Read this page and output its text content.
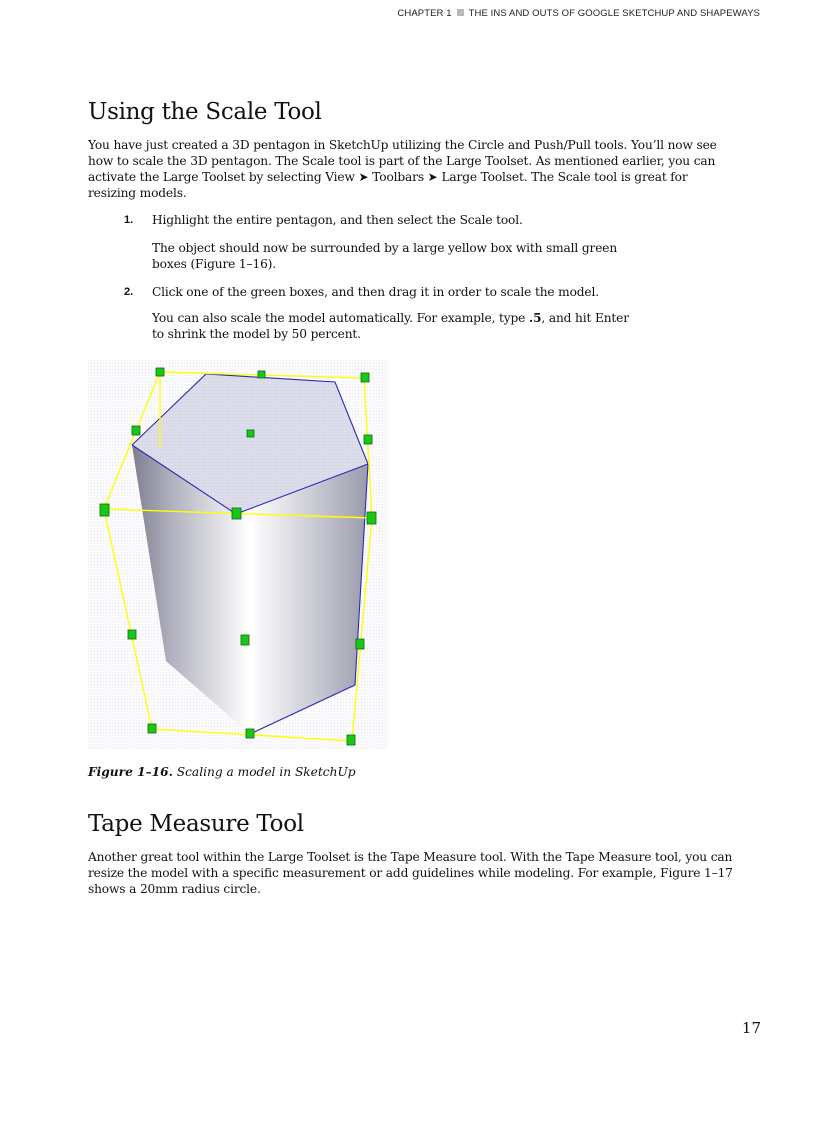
CHAPTER 1 THE INS AND OUTS OF GOOGLE SKETCHUP AND SHAPEWAYS
Using the Scale Tool

You have just created a 3D pentagon in SketchUp utilizing the Circle and Push/Pull tools. You’ll now see how to scale the 3D pentagon. The Scale tool is part of the Large Toolset. As mentioned earlier, you can activate the Large Toolset by selecting View ➤ Toolbars ➤ Large Toolset. The Scale tool is great for resizing models.

1. Highlight the entire pentagon, and then select the Scale tool.

The object should now be surrounded by a large yellow box with small green boxes (Figure 1–16).

2. Click one of the green boxes, and then drag it in order to scale the model.

You can also scale the model automatically. For example, type .5, and hit Enter to shrink the model by 50 percent.

Figure 1–16. Scaling a model in SketchUp
Tape Measure Tool

Another great tool within the Large Toolset is the Tape Measure tool. With the Tape Measure tool, you can resize the model with a specific measurement or add guidelines while modeling. For example, Figure 1–17 shows a 20mm radius circle.

17
